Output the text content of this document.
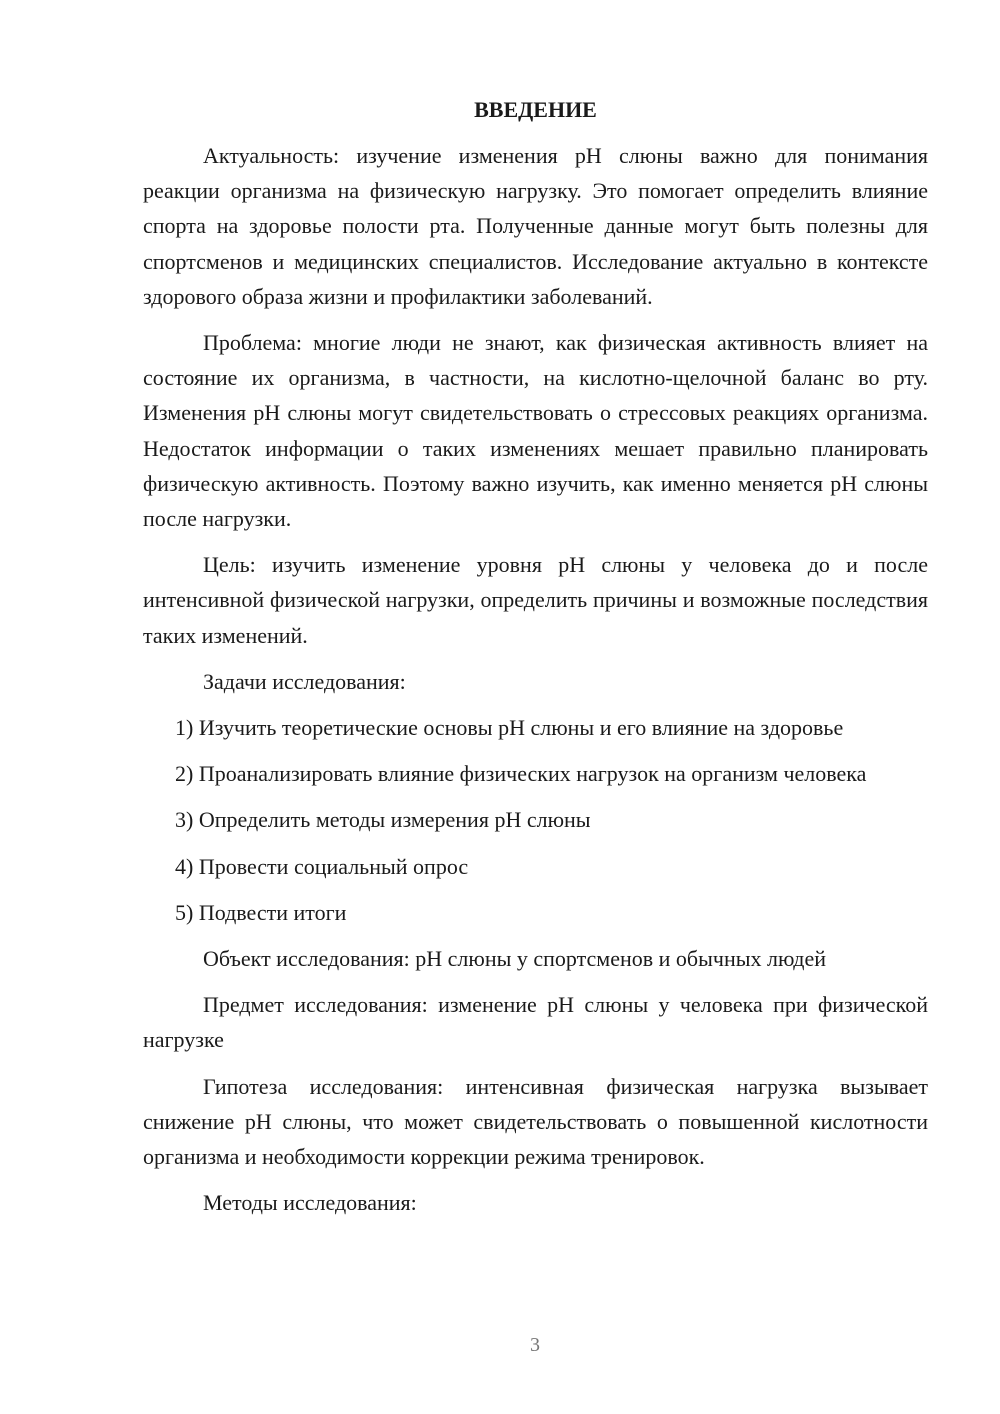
ВВЕДЕНИЕ

Актуальность: изучение изменения рН слюны важно для понимания реакции организма на физическую нагрузку. Это помогает определить влияние спорта на здоровье полости рта. Полученные данные могут быть полезны для спортсменов и медицинских специалистов. Исследование актуально в контексте здорового образа жизни и профилактики заболеваний.

Проблема: многие люди не знают, как физическая активность влияет на состояние их организма, в частности, на кислотно-щелочной баланс во рту. Изменения рН слюны могут свидетельствовать о стрессовых реакциях организма. Недостаток информации о таких изменениях мешает правильно планировать физическую активность. Поэтому важно изучить, как именно меняется рН слюны после нагрузки.

Цель: изучить изменение уровня рН слюны у человека до и после интенсивной физической нагрузки, определить причины и возможные последствия таких изменений.

Задачи исследования:

1) Изучить теоретические основы рН слюны и его влияние на здоровье

2) Проанализировать влияние физических нагрузок на организм человека

3) Определить методы измерения рН слюны

4) Провести социальный опрос

5) Подвести итоги

Объект исследования: рН слюны у спортсменов и обычных людей

Предмет исследования: изменение рН слюны у человека при физической нагрузке

Гипотеза исследования: интенсивная физическая нагрузка вызывает снижение рН слюны, что может свидетельствовать о повышенной кислотности организма и необходимости коррекции режима тренировок.

Методы исследования:

3
